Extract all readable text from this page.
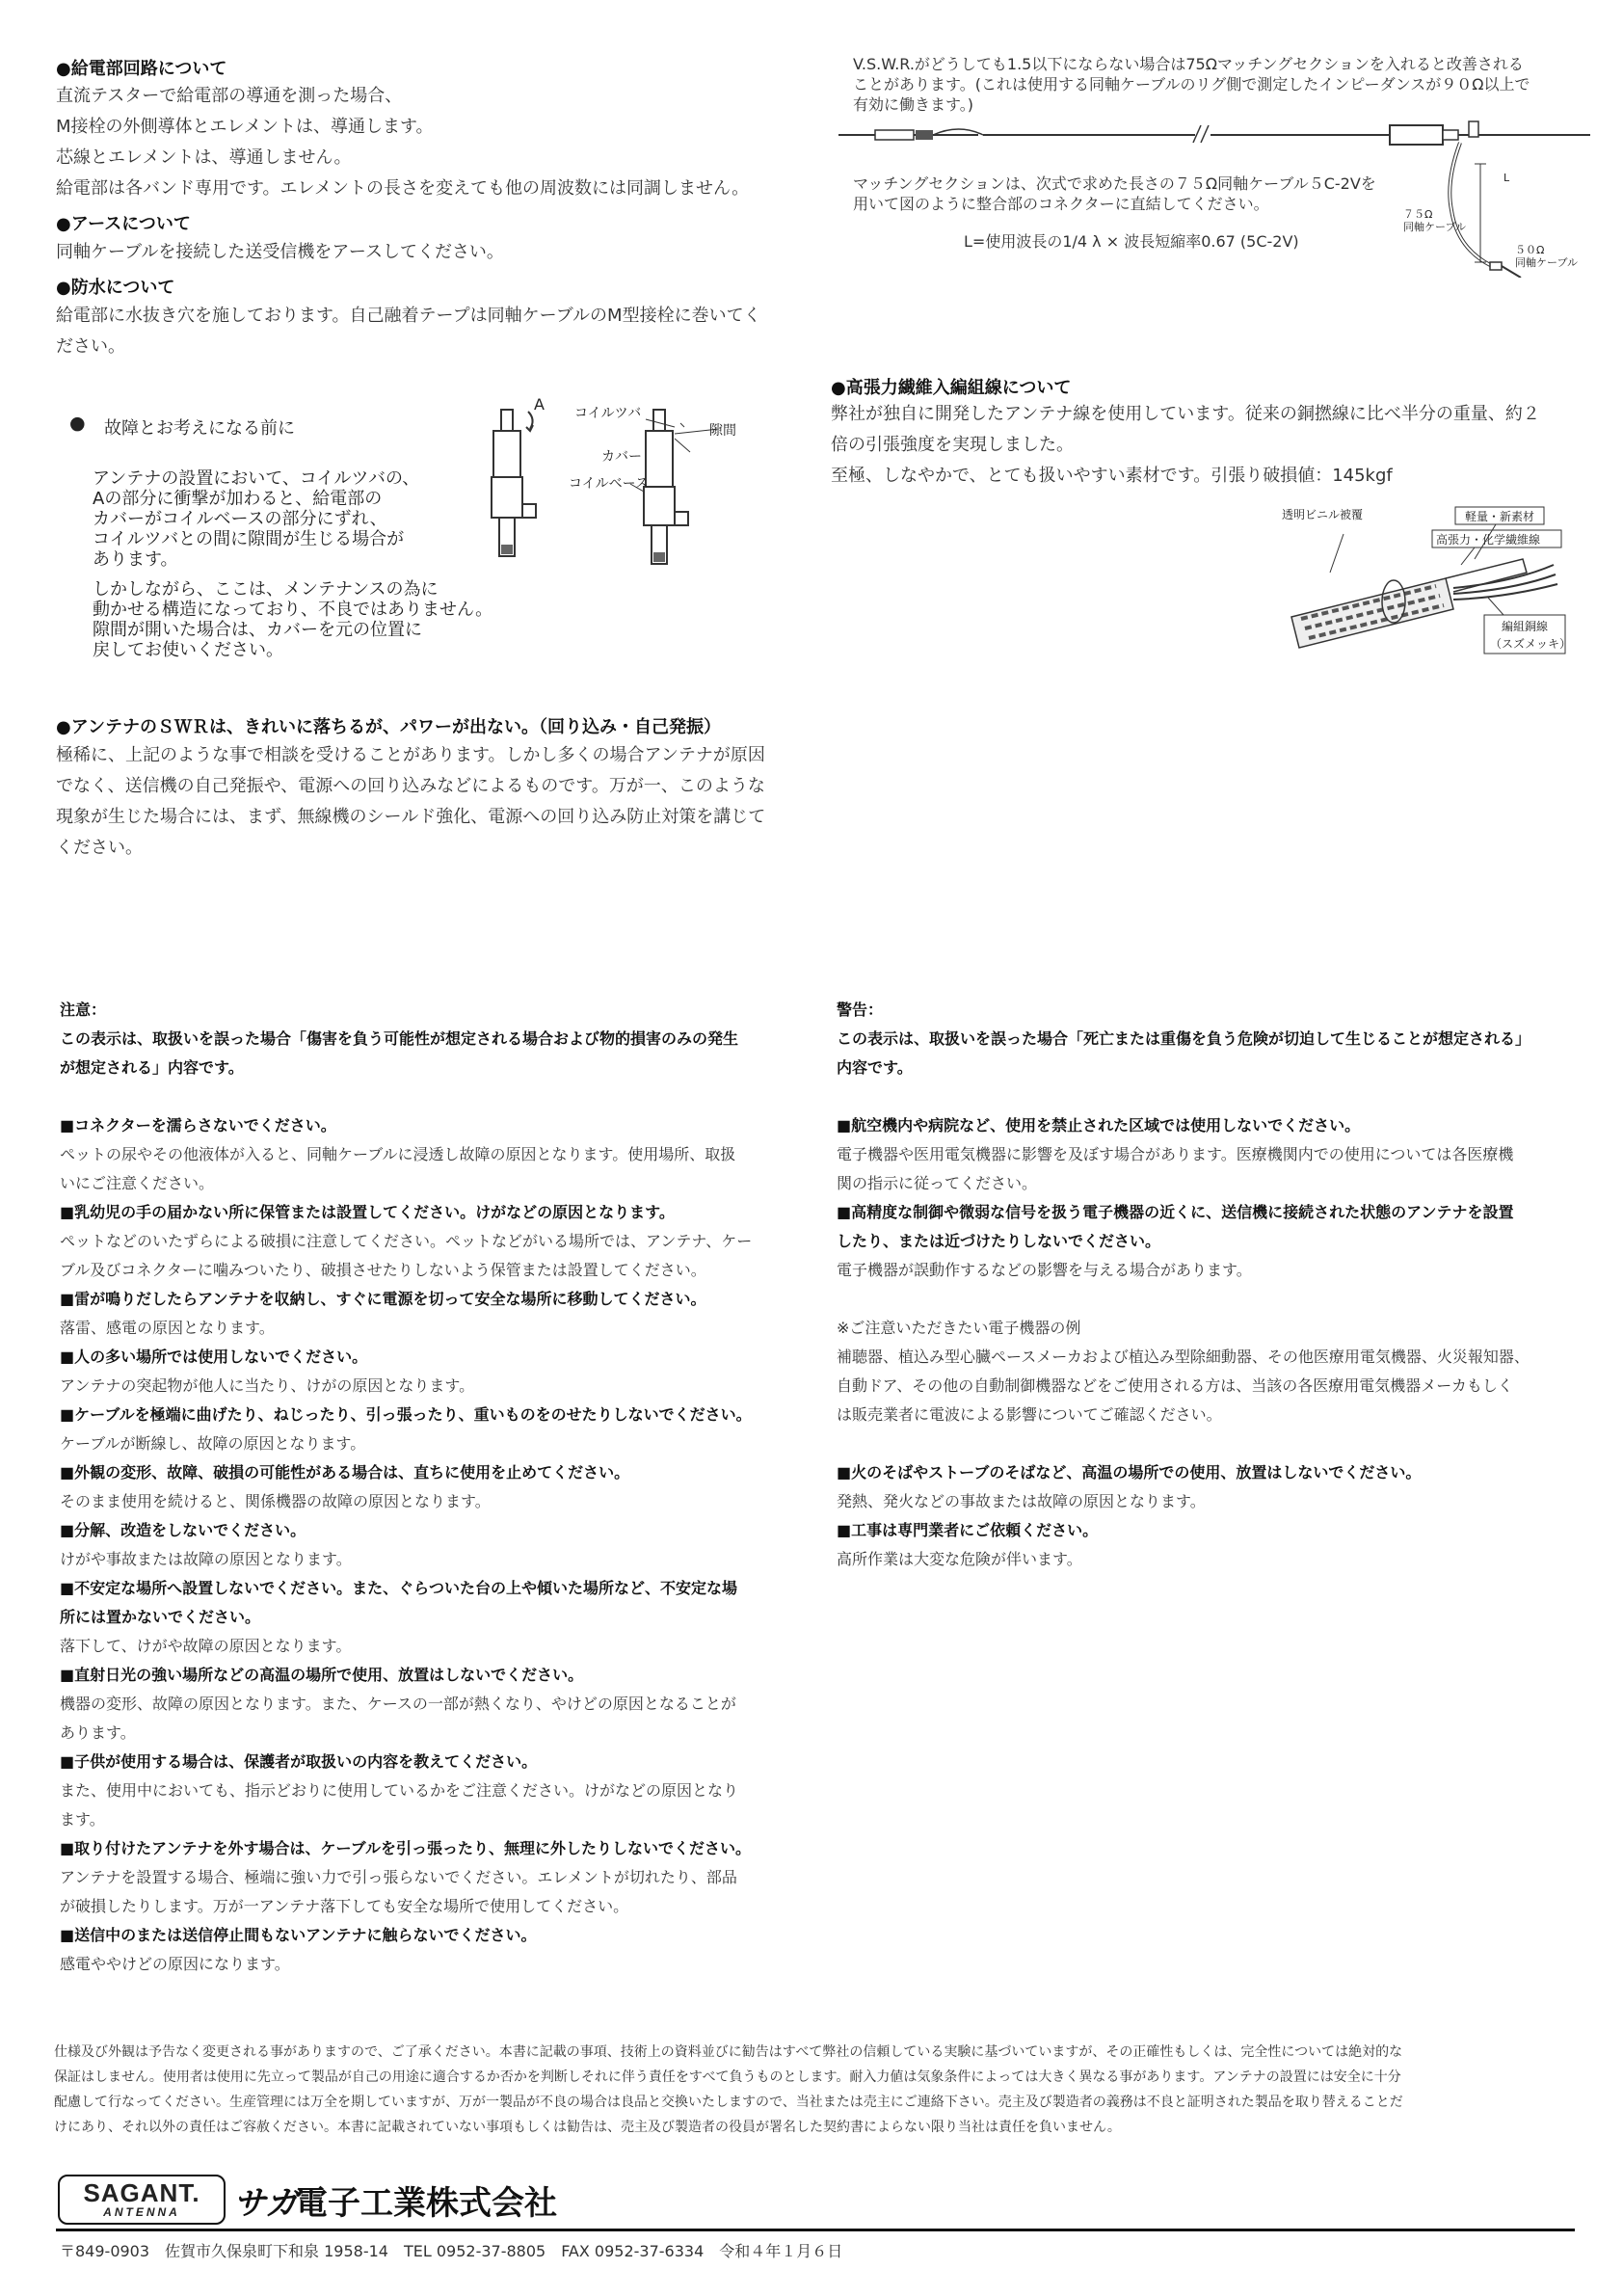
●給電部回路について
直流テスターで給電部の導通を測った場合、
M接栓の外側導体とエレメントは、導通します。
芯線とエレメントは、導通しません。
給電部は各バンド専用です。エレメントの長さを変えても他の周波数には同調しません。
●アースについて
同軸ケーブルを接続した送受信機をアースしてください。
●防水について
給電部に水抜き穴を施しております。自己融着テープは同軸ケーブルのM型接栓に巻いてく
ださい。
● 故障とお考えになる前に
アンテナの設置において、コイルツバの、
Aの部分に衝撃が加わると、給電部の
カバーがコイルベースの部分にずれ、
コイルツバとの間に隙間が生じる場合が
あります。
しかしながら、ここは、メンテナンスの為に
動かせる構造になっており、不良ではありません。
隙間が開いた場合は、カバーを元の位置に
戻してお使いください。
A コイルツバ
隙間
カバー
コイルベース
●アンテナのＳＷＲは、きれいに落ちるが、パワーが出ない。（回り込み・自己発振）
極稀に、上記のような事で相談を受けることがあります。しかし多くの場合アンテナが原因
でなく、送信機の自己発振や、電源への回り込みなどによるものです。万が一、このような
現象が生じた場合には、まず、無線機のシールド強化、電源への回り込み防止対策を講じて
ください。
V.S.W.R.がどうしても1.5以下にならない場合は75Ωマッチングセクションを入れると改善される
ことがあります。(これは使用する同軸ケーブルのリグ側で測定したインピーダンスが９０Ω以上で
有効に働きます。)
L
７５Ω
同軸ケーブル
５０Ω
同軸ケーブル
マッチングセクションは、次式で求めた長さの７５Ω同軸ケーブル５C-2Vを
用いて図のように整合部のコネクターに直結してください。
L=使用波長の1/4 λ × 波長短縮率0.67 (5C-2V)
●高張力繊維入編組線について
弊社が独自に開発したアンテナ線を使用しています。従来の銅撚線に比べ半分の重量、約２
倍の引張強度を実現しました。
至極、しなやかで、とても扱いやすい素材です。引張り破損値：145kgf
透明ビニル被覆	軽量・新素材
高張力・化学繊維線
編組銅線
（スズメッキ）
注意：
この表示は、取扱いを誤った場合「傷害を負う可能性が想定される場合および物的損害のみの発生
が想定される」内容です。
■コネクターを濡らさないでください。
ペットの尿やその他液体が入ると、同軸ケーブルに浸透し故障の原因となります。使用場所、取扱
いにご注意ください。
■乳幼児の手の届かない所に保管または設置してください。けがなどの原因となります。
ペットなどのいたずらによる破損に注意してください。ペットなどがいる場所では、アンテナ、ケー
ブル及びコネクターに噛みついたり、破損させたりしないよう保管または設置してください。
■雷が鳴りだしたらアンテナを収納し、すぐに電源を切って安全な場所に移動してください。
落雷、感電の原因となります。
■人の多い場所では使用しないでください。
アンテナの突起物が他人に当たり、けがの原因となります。
■ケーブルを極端に曲げたり、ねじったり、引っ張ったり、重いものをのせたりしないでください。
ケーブルが断線し、故障の原因となります。
■外観の変形、故障、破損の可能性がある場合は、直ちに使用を止めてください。
そのまま使用を続けると、関係機器の故障の原因となります。
■分解、改造をしないでください。
けがや事故または故障の原因となります。
■不安定な場所へ設置しないでください。また、ぐらついた台の上や傾いた場所など、不安定な場
所には置かないでください。
落下して、けがや故障の原因となります。
■直射日光の強い場所などの高温の場所で使用、放置はしないでください。
機器の変形、故障の原因となります。また、ケースの一部が熱くなり、やけどの原因となることが
あります。
■子供が使用する場合は、保護者が取扱いの内容を教えてください。
また、使用中においても、指示どおりに使用しているかをご注意ください。けがなどの原因となり
ます。
■取り付けたアンテナを外す場合は、ケーブルを引っ張ったり、無理に外したりしないでください。
アンテナを設置する場合、極端に強い力で引っ張らないでください。エレメントが切れたり、部品
が破損したりします。万が一アンテナ落下しても安全な場所で使用してください。
■送信中のまたは送信停止間もないアンテナに触らないでください。
感電ややけどの原因になります。
警告：
この表示は、取扱いを誤った場合「死亡または重傷を負う危険が切迫して生じることが想定される」
内容です。
■航空機内や病院など、使用を禁止された区域では使用しないでください。
電子機器や医用電気機器に影響を及ぼす場合があります。医療機関内での使用については各医療機
関の指示に従ってください。
■高精度な制御や微弱な信号を扱う電子機器の近くに、送信機に接続された状態のアンテナを設置
したり、または近づけたりしないでください。
電子機器が誤動作するなどの影響を与える場合があります。
※ご注意いただきたい電子機器の例
補聴器、植込み型心臓ペースメーカおよび植込み型除細動器、その他医療用電気機器、火災報知器、
自動ドア、その他の自動制御機器などをご使用される方は、当該の各医療用電気機器メーカもしく
は販売業者に電波による影響についてご確認ください。
■火のそばやストーブのそばなど、高温の場所での使用、放置はしないでください。
発熱、発火などの事故または故障の原因となります。
■工事は専門業者にご依頼ください。
高所作業は大変な危険が伴います。
仕様及び外観は予告なく変更される事がありますので、ご了承ください。本書に記載の事項、技術上の資料並びに勧告はすべて弊社の信頼している実験に基づいていますが、その正確性もしくは、完全性については絶対的な
保証はしません。使用者は使用に先立って製品が自己の用途に適合するか否かを判断しそれに伴う責任をすべて負うものとします。耐入力値は気象条件によっては大きく異なる事があります。アンテナの設置には安全に十分
配慮して行なってください。生産管理には万全を期していますが、万が一製品が不良の場合は良品と交換いたしますので、当社または売主にご連絡下さい。売主及び製造者の義務は不良と証明された製品を取り替えることだ
けにあり、それ以外の責任はご容赦ください。本書に記載されていない事項もしくは勧告は、売主及び製造者の役員が署名した契約書によらない限り当社は責任を負いません。
SAGANT.
ANTENNA	サガ
電子工業株式会社
〒849-0903　佐賀市久保泉町下和泉 1958-14　TEL 0952-37-8805　FAX 0952-37-6334　令和４年１月６日
